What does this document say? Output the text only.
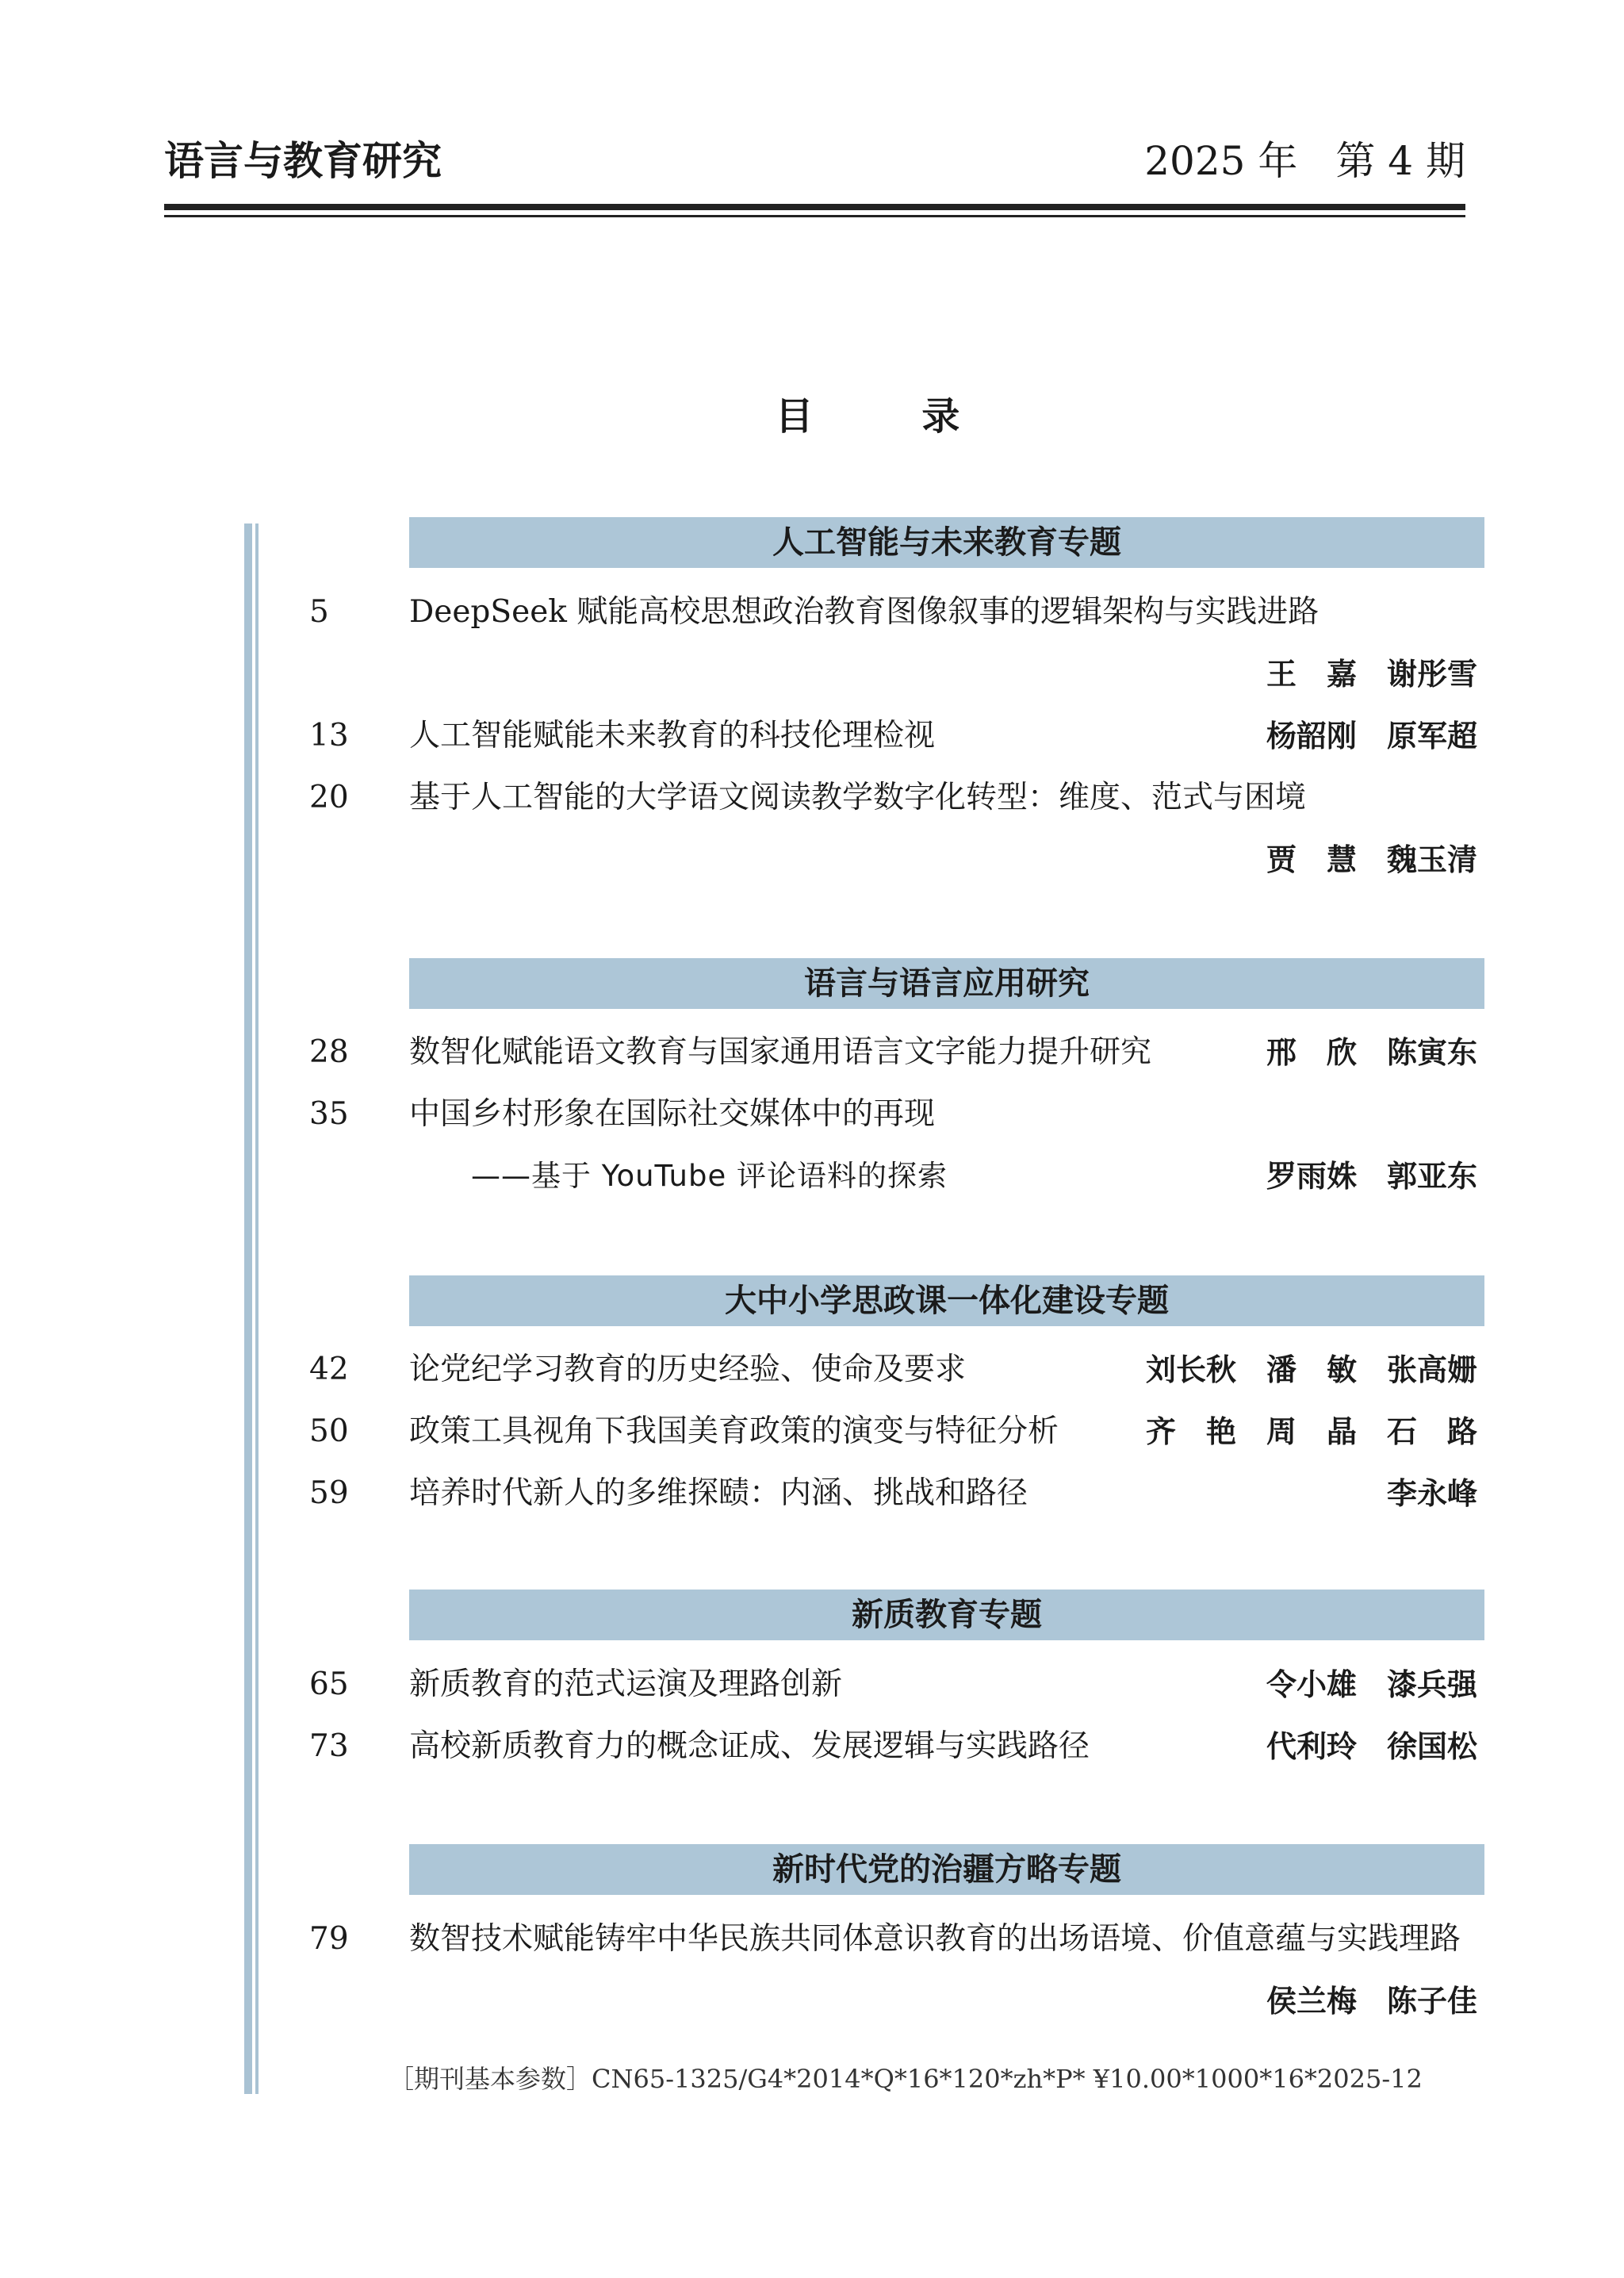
语言与教育研究	2025 年 第 4 期
目 录
人工智能与未来教育专题
5	DeepSeek 赋能高校思想政治教育图像叙事的逻辑架构与实践进路
王　嘉　谢彤雪
13 人工智能赋能未来教育的科技伦理检视	杨韶刚　原军超
20 基于人工智能的大学语文阅读教学数字化转型：维度、范式与困境
贾　慧　魏玉清
语言与语言应用研究
28 数智化赋能语文教育与国家通用语言文字能力提升研究	邢　欣　陈寅东
35 中国乡村形象在国际社交媒体中的再现
——基于 YouTube 评论语料的探索	罗雨姝　郭亚东
大中小学思政课一体化建设专题
42 论党纪学习教育的历史经验、使命及要求	刘长秋　潘　敏　张高姗
50 政策工具视角下我国美育政策的演变与特征分析	齐　艳　周　晶　石　路
59 培养时代新人的多维探赜：内涵、挑战和路径	李永峰
新质教育专题
65 新质教育的范式运演及理路创新	令小雄　漆兵强
73 高校新质教育力的概念证成、发展逻辑与实践路径	代利玲　徐国松
新时代党的治疆方略专题
79 数智技术赋能铸牢中华民族共同体意识教育的出场语境、价值意蕴与实践理路
侯兰梅　陈子佳
［期刊基本参数］CN65-1325/G4*2014*Q*16*120*zh*P* ¥10.00*1000*16*2025-12
